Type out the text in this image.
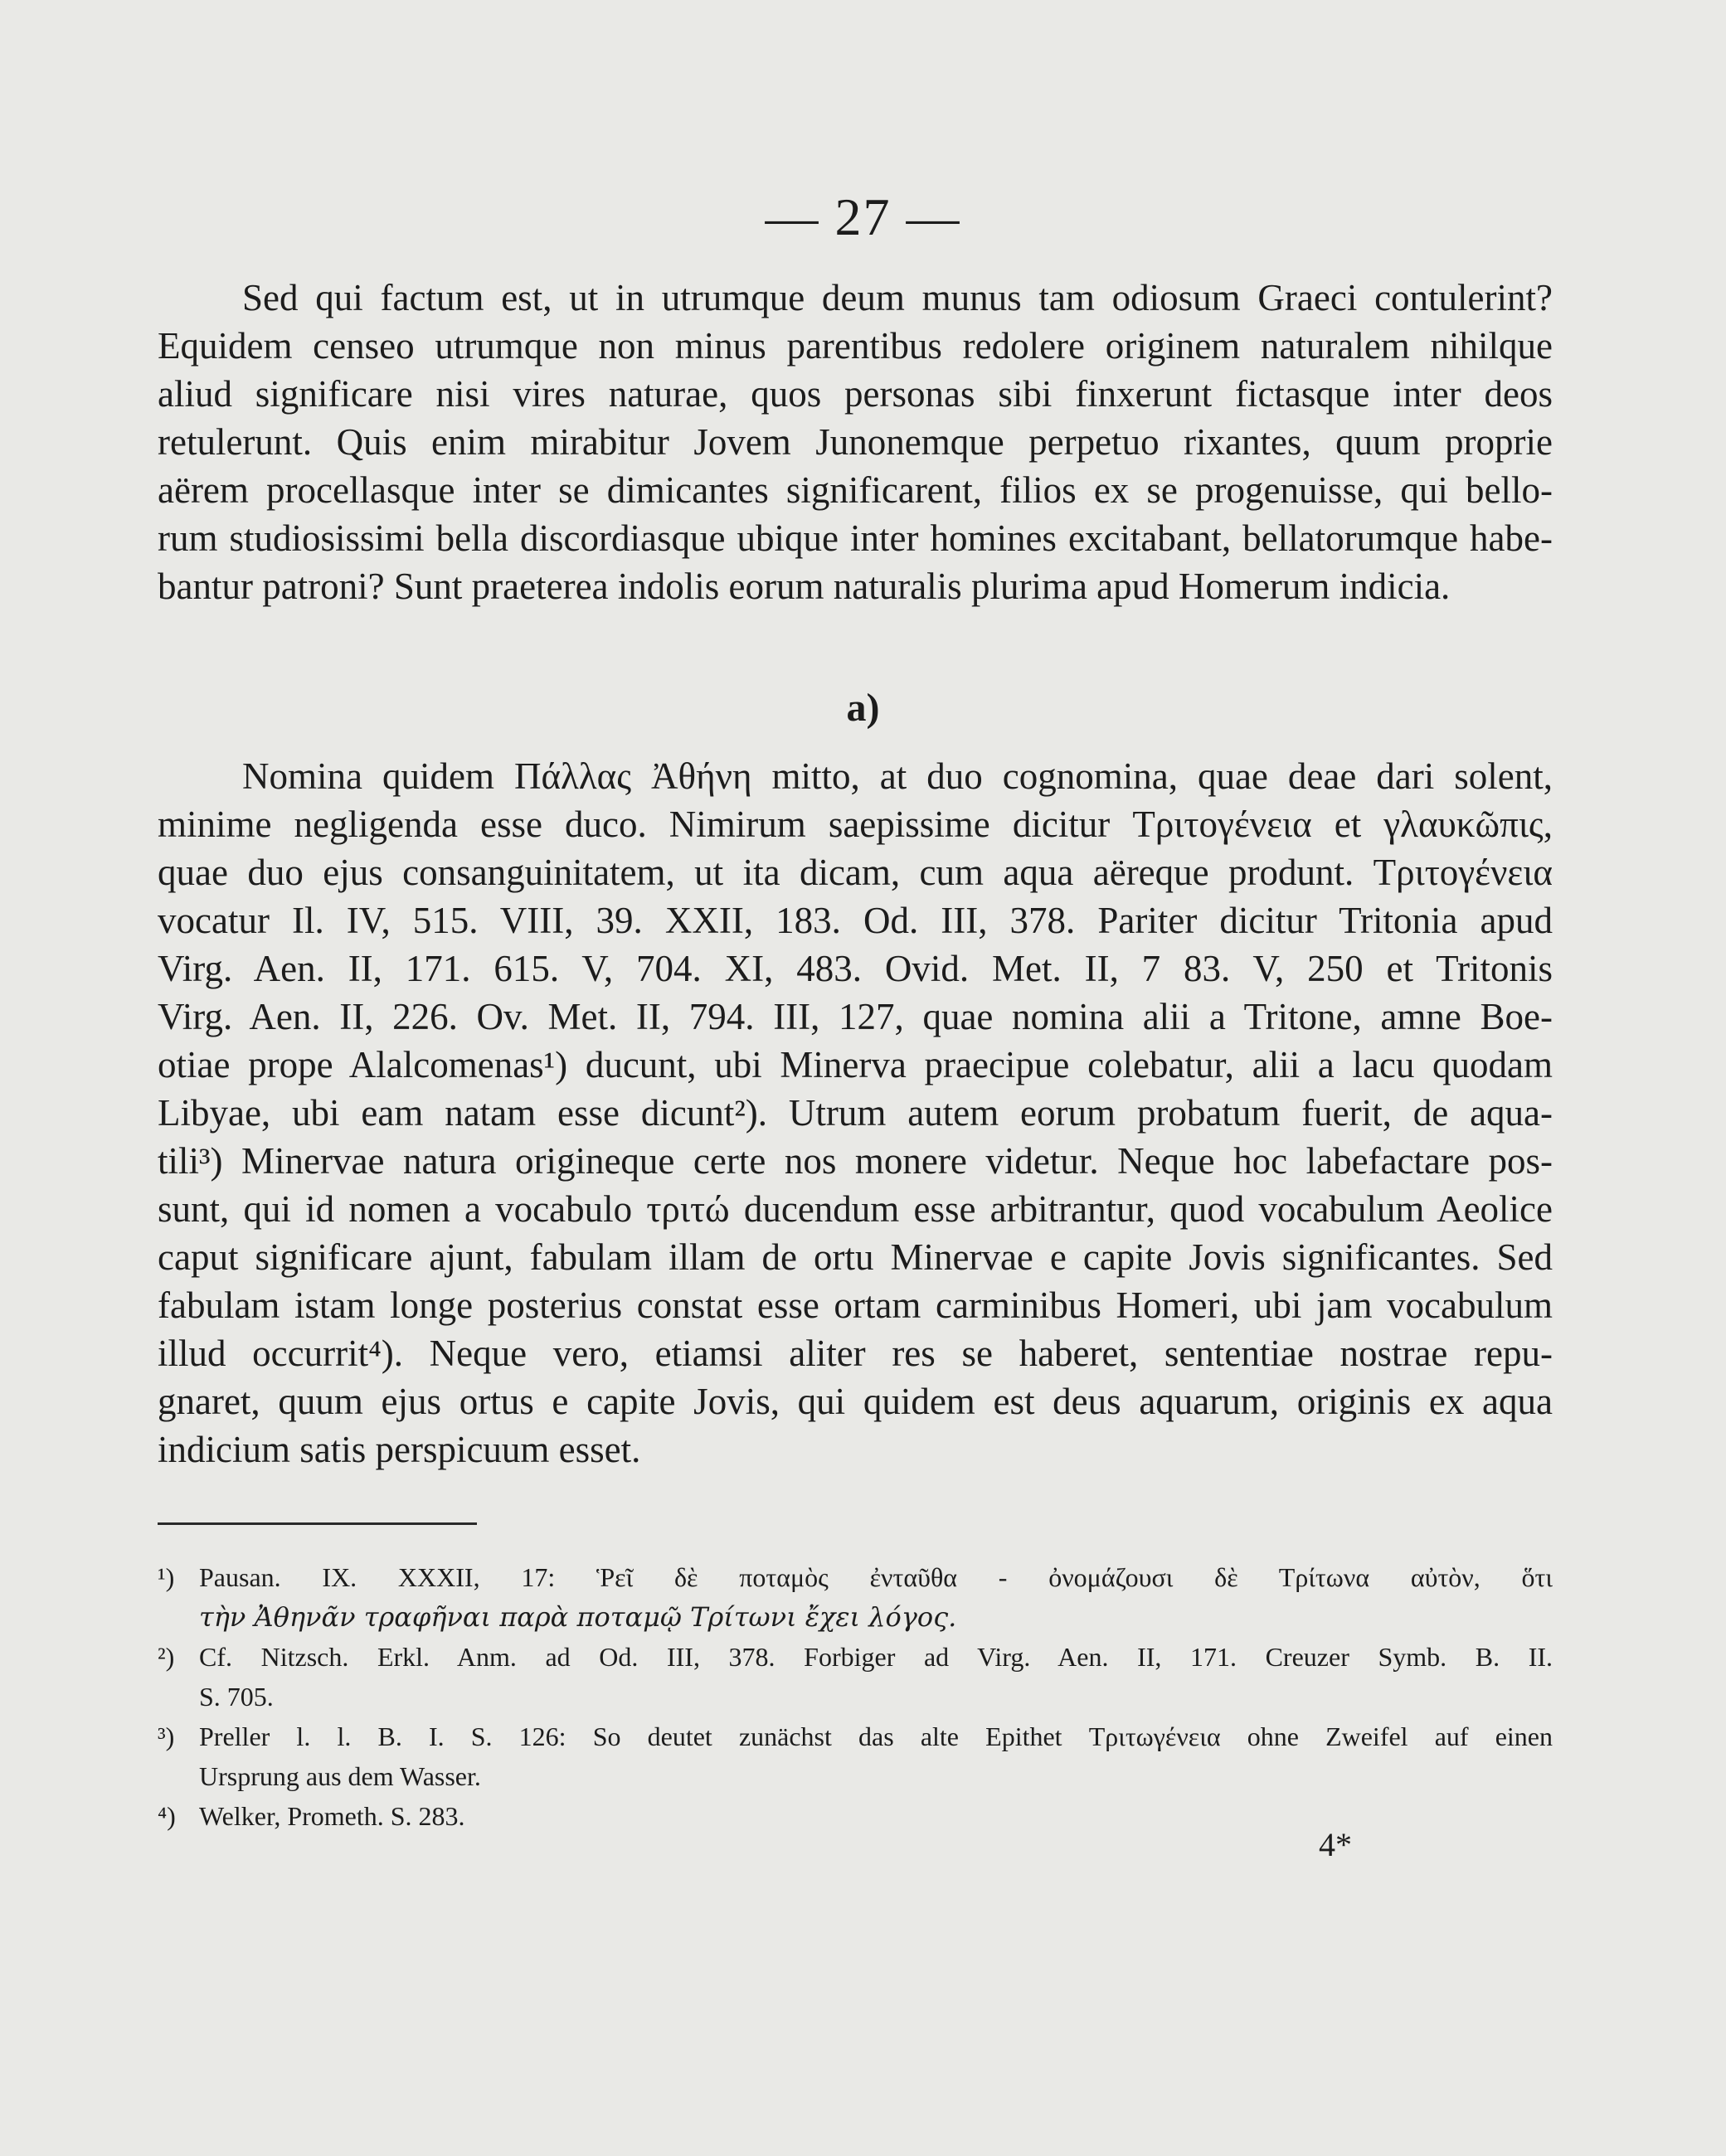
— 27 —
Sed qui factum est, ut in utrumque deum munus tam odiosum Graeci contulerint?
Equidem censeo utrumque non minus parentibus redolere originem naturalem nihilque
aliud significare nisi vires naturae, quos personas sibi finxerunt fictasque inter deos
retulerunt. Quis enim mirabitur Jovem Junonemque perpetuo rixantes, quum proprie
aërem procellasque inter se dimicantes significarent, filios ex se progenuisse, qui bello-
rum studiosissimi bella discordiasque ubique inter homines excitabant, bellatorumque habe-
bantur patroni? Sunt praeterea indolis eorum naturalis plurima apud Homerum indicia.
a)
Nomina quidem Πάλλας Ἀθήνη mitto, at duo cognomina, quae deae dari solent,
minime negligenda esse duco. Nimirum saepissime dicitur Τριτογένεια et γλαυκῶπις,
quae duo ejus consanguinitatem, ut ita dicam, cum aqua aëreque produnt. Τριτογένεια
vocatur Il. IV, 515. VIII, 39. XXII, 183. Od. III, 378. Pariter dicitur Tritonia apud
Virg. Aen. II, 171. 615. V, 704. XI, 483. Ovid. Met. II, 7 83. V, 250 et Tritonis
Virg. Aen. II, 226. Ov. Met. II, 794. III, 127, quae nomina alii a Tritone, amne Boe-
otiae prope Alalcomenas¹) ducunt, ubi Minerva praecipue colebatur, alii a lacu quodam
Libyae, ubi eam natam esse dicunt²). Utrum autem eorum probatum fuerit, de aqua-
tili³) Minervae natura origineque certe nos monere videtur. Neque hoc labefactare pos-
sunt, qui id nomen a vocabulo τριτώ ducendum esse arbitrantur, quod vocabulum Aeolice
caput significare ajunt, fabulam illam de ortu Minervae e capite Jovis significantes. Sed
fabulam istam longe posterius constat esse ortam carminibus Homeri, ubi jam vocabulum
illud occurrit⁴). Neque vero, etiamsi aliter res se haberet, sententiae nostrae repu-
gnaret, quum ejus ortus e capite Jovis, qui quidem est deus aquarum, originis ex aqua
indicium satis perspicuum esset.
¹) Pausan. IX. XXXII, 17: Ῥεῖ δὲ ποταμὸς ἐνταῦθα - ὀνομάζουσι δὲ Τρίτωνα αὐτὸν, ὅτι
τὴν Ἀθηνᾶν τραφῆναι παρὰ ποταμῷ Τρίτωνι ἔχει λόγος.
²) Cf. Nitzsch. Erkl. Anm. ad Od. III, 378. Forbiger ad Virg. Aen. II, 171. Creuzer Symb. B. II.
S. 705.
³) Preller l. l. B. I. S. 126: So deutet zunächst das alte Epithet Τριτωγένεια ohne Zweifel auf einen
Ursprung aus dem Wasser.
⁴) Welker, Prometh. S. 283.
4*
